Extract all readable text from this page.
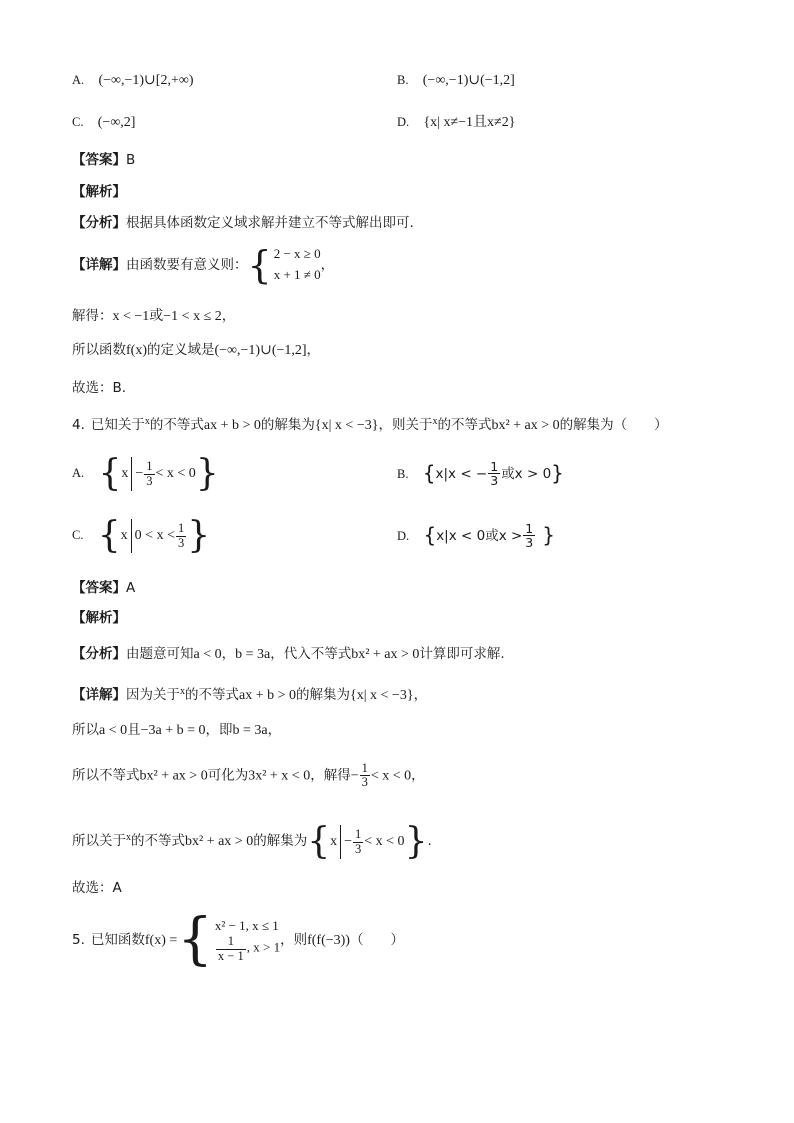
A. (−∞,−1)∪[2,+∞)	B. (−∞,−1)∪(−1,2]
C. (−∞,2]	D. {x| x≠−1且x≠2}
【答案】B
【解析】
【分析】根据具体函数定义域求解并建立不等式解出即可.
【详解】由函数要有意义则： { 2 − x ≥ 0
x + 1 ≠ 0
，
解得：x < −1或−1 < x ≤ 2，
所以函数f(x)的定义域是(−∞,−1)∪(−1,2]，
故选：B.
4. 已知关于$^x$的不等式ax + b > 0的解集为{x| x < −3}，则关于$^x$的不等式bx² + ax > 0的解集为（　　）
A. $\{x - \frac{1}{3} < x < 0\}$	B. {x|x < − $\frac{1}{3}$ 或x > 0}
C. {x $0 < x < \frac{1}{3}$ }	D. {x|x < 0或$x > \frac{1}{3}$ }
【答案】A
【解析】
【分析】由题意可知a < 0，b = 3a，代入不等式bx² + ax > 0计算即可求解.
【详解】因为关于$^x$的不等式ax + b > 0的解集为{x| x < −3}，
所以a < 0且−3a + b = 0，即b = 3a，
所以不等式bx² + ax > 0可化为3x² + x < 0，解得− $\frac{1}{3} < x < 0$，
所以关于$^x$的不等式bx² + ax > 0的解集为$\{x - \frac{1}{3} < x < 0\}$.
故选：A
5. 已知函数f(x) = { x² − 1, x ≤ 1
$\frac{1}{x - 1}$ , x > 1 ，则f(f(−3))（　　）
